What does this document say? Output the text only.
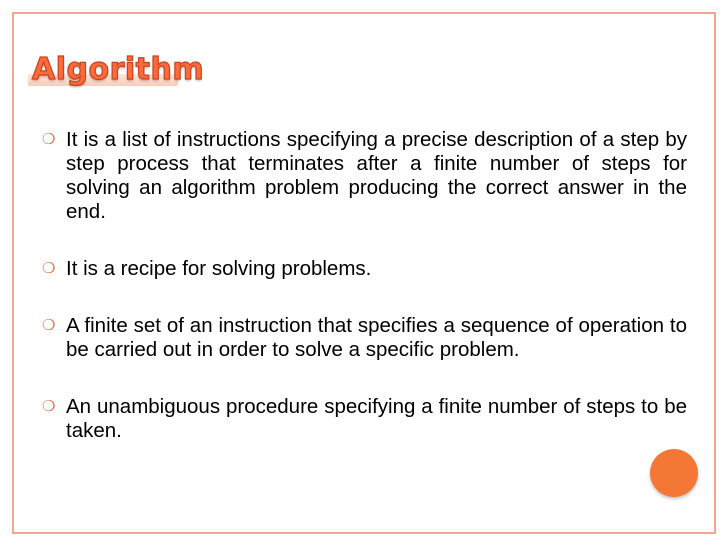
Algorithm
❍ It is a list of instructions specifying a precise description of a step by step process that terminates after a finite number of steps for solving an algorithm problem producing the correct answer in the end.
❍ It is a recipe for solving problems.
❍ A finite set of an instruction that specifies a sequence of operation to be carried out in order to solve a specific problem.
❍ An unambiguous procedure specifying a finite number of steps to be taken.
